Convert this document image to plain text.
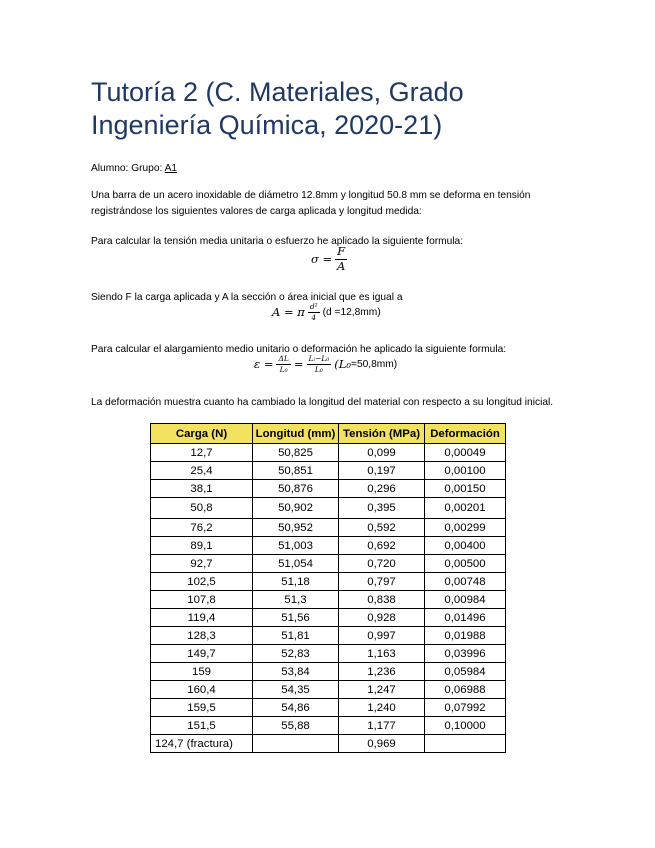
Tutoría 2 (C. Materiales, Grado Ingeniería Química, 2020-21)

Alumno: Grupo: A1

Una barra de un acero inoxidable de diámetro 12.8mm y longitud 50.8 mm se deforma en tensión registrándose los siguientes valores de carga aplicada y longitud medida:

Para calcular la tensión media unitaria o esfuerzo he aplicado la siguiente formula:

$\sigma = \frac{F}{A}$

Siendo F la carga aplicada y A la sección o área inicial que es igual a

A = π $\frac{\text{d²}}{4} (d =12,8mm)$

Para calcular el alargamiento medio unitario o deformación he aplicado la siguiente formula:

$\varepsilon = \frac{\Delta L}{\text{L₀}} = \frac{\text{Lᵢ−L₀}}{\text{L₀}} (L_0 =50,8mm)$

La deformación muestra cuanto ha cambiado la longitud del material con respecto a su longitud inicial.

Carga (N)	Longitud (mm)	Tensión (MPa)	Deformación
12,7	50,825	0,099	0,00049
25,4	50,851	0,197	0,00100
38,1	50,876	0,296	0,00150
50,8	50,902	0,395	0,00201
76,2	50,952	0,592	0,00299
89,1	51,003	0,692	0,00400
92,7	51,054	0,720	0,00500
102,5	51,18	0,797	0,00748
107,8	51,3	0,838	0,00984
119,4	51,56	0,928	0,01496
128,3	51,81	0,997	0,01988
149,7	52,83	1,163	0,03996
159	53,84	1,236	0,05984
160,4	54,35	1,247	0,06988
159,5	54,86	1,240	0,07992
151,5	55,88	1,177	0,10000
124,7 (fractura)		0,969	
